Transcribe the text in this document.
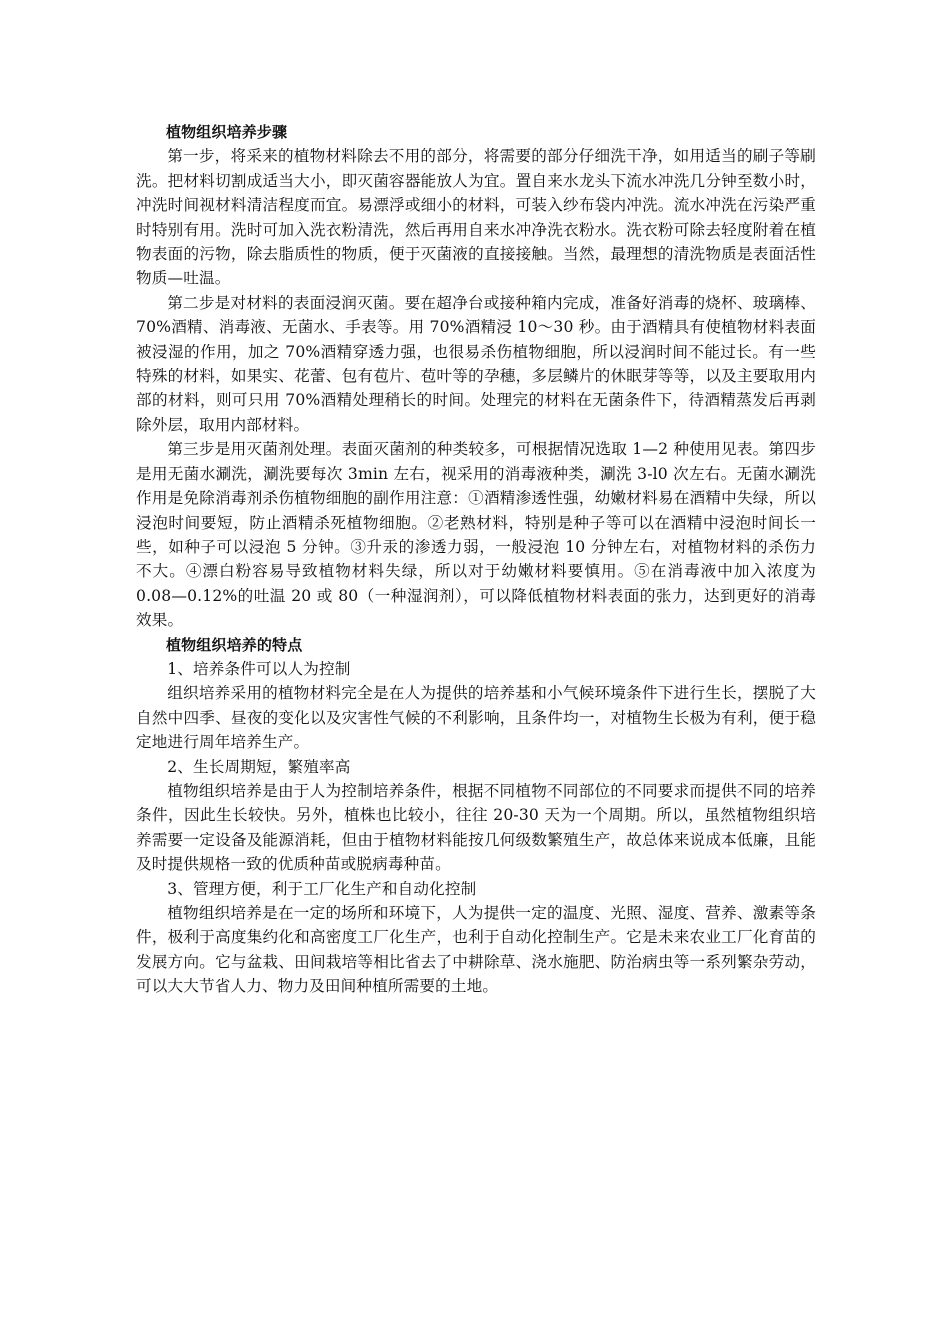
植物组织培养步骤

第一步，将采来的植物材料除去不用的部分，将需要的部分仔细洗干净，如用适当的刷子等刷洗。把材料切割成适当大小，即灭菌容器能放人为宜。置自来水龙头下流水冲洗几分钟至数小时，冲洗时间视材料清洁程度而宜。易漂浮或细小的材料，可装入纱布袋内冲洗。流水冲洗在污染严重时特别有用。洗时可加入洗衣粉清洗，然后再用自来水冲净洗衣粉水。洗衣粉可除去轻度附着在植物表面的污物，除去脂质性的物质，便于灭菌液的直接接触。当然，最理想的清洗物质是表面活性物质—吐温。

第二步是对材料的表面浸润灭菌。要在超净台或接种箱内完成，准备好消毒的烧杯、玻璃棒、70%酒精、消毒液、无菌水、手表等。用 70%酒精浸 10～30 秒。由于酒精具有使植物材料表面被浸湿的作用，加之 70%酒精穿透力强，也很易杀伤植物细胞，所以浸润时间不能过长。有一些特殊的材料，如果实、花蕾、包有苞片、苞叶等的孕穗，多层鳞片的休眠芽等等，以及主要取用内部的材料，则可只用 70%酒精处理稍长的时间。处理完的材料在无菌条件下，待酒精蒸发后再剥除外层，取用内部材料。

第三步是用灭菌剂处理。表面灭菌剂的种类较多，可根据情况选取 1—2 种使用见表。第四步是用无菌水涮洗，涮洗要每次 3min 左右，视采用的消毒液种类，涮洗 3-l0 次左右。无菌水涮洗作用是免除消毒剂杀伤植物细胞的副作用注意：①酒精渗透性强，幼嫩材料易在酒精中失绿，所以浸泡时间要短，防止酒精杀死植物细胞。②老熟材料，特别是种子等可以在酒精中浸泡时间长一些，如种子可以浸泡 5 分钟。③升汞的渗透力弱，一般浸泡 10 分钟左右，对植物材料的杀伤力不大。④漂白粉容易导致植物材料失绿，所以对于幼嫩材料要慎用。⑤在消毒液中加入浓度为 0.08—0.12%的吐温 20 或 80（一种湿润剂），可以降低植物材料表面的张力，达到更好的消毒效果。

植物组织培养的特点

1、培养条件可以人为控制

组织培养采用的植物材料完全是在人为提供的培养基和小气候环境条件下进行生长，摆脱了大自然中四季、昼夜的变化以及灾害性气候的不利影响，且条件均一，对植物生长极为有利，便于稳定地进行周年培养生产。

2、生长周期短，繁殖率高

植物组织培养是由于人为控制培养条件，根据不同植物不同部位的不同要求而提供不同的培养条件，因此生长较快。另外，植株也比较小，往往 20-30 天为一个周期。所以，虽然植物组织培养需要一定设备及能源消耗，但由于植物材料能按几何级数繁殖生产，故总体来说成本低廉，且能及时提供规格一致的优质种苗或脱病毒种苗。

3、管理方便，利于工厂化生产和自动化控制

植物组织培养是在一定的场所和环境下，人为提供一定的温度、光照、湿度、营养、激素等条件，极利于高度集约化和高密度工厂化生产，也利于自动化控制生产。它是未来农业工厂化育苗的发展方向。它与盆栽、田间栽培等相比省去了中耕除草、浇水施肥、防治病虫等一系列繁杂劳动，可以大大节省人力、物力及田间种植所需要的土地。
